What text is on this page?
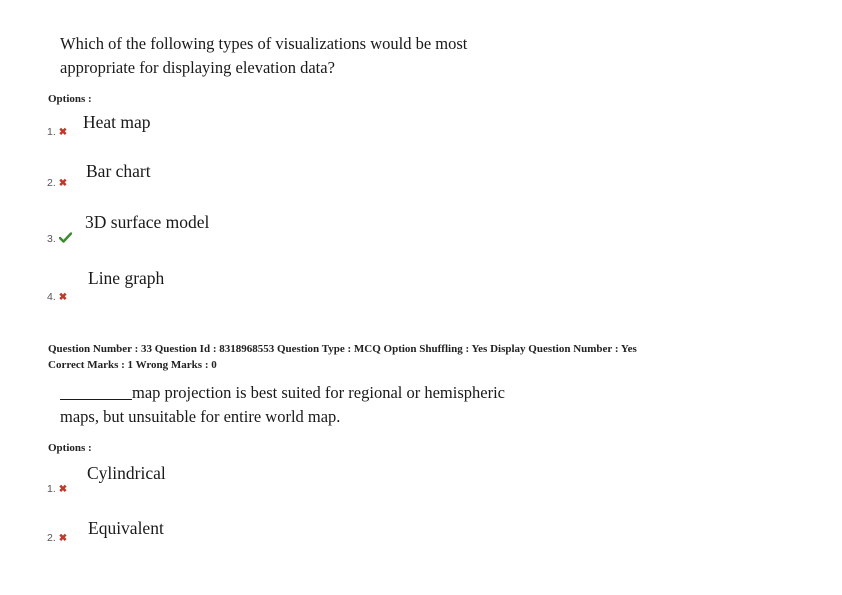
Which of the following types of visualizations would be most
appropriate for displaying elevation data?
Options :
1. ✖
Heat map
2. ✖
Bar chart
3.
3D surface model
4. ✖
Line graph
Question Number : 33 Question Id : 8318968553 Question Type : MCQ Option Shuffling : Yes Display Question Number : Yes
Correct Marks : 1 Wrong Marks : 0
map projection is best suited for regional or hemispheric
maps, but unsuitable for entire world map.
Options :
1. ✖
Cylindrical
2. ✖
Equivalent
